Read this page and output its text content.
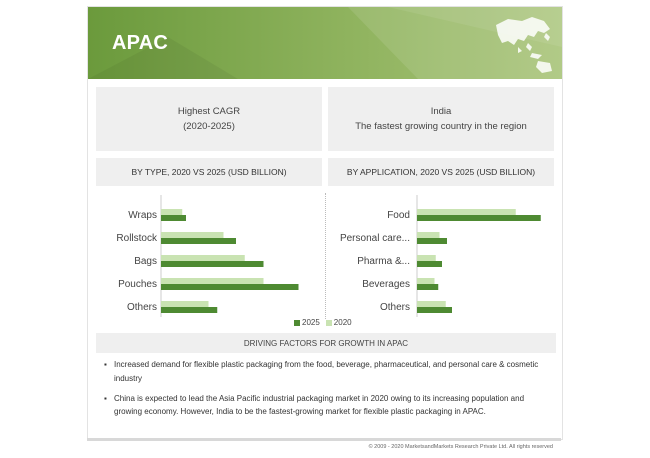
APAC
Highest CAGR
(2020-2025)
India
The fastest growing country in the region
BY TYPE, 2020 VS 2025 (USD BILLION)	BY APPLICATION, 2020 VS 2025 (USD BILLION)
Wraps
Rollstock
Bags
Pouches
Others
Food
Personal care...
Pharma &...
Beverages
Others
2025	2020
DRIVING FACTORS FOR GROWTH IN APAC
▪ Increased demand for flexible plastic packaging from the food, beverage, pharmaceutical, and personal care & cosmetic industry
▪ China is expected to lead the Asia Pacific industrial packaging market in 2020 owing to its increasing population and growing economy. However, India to be the fastest-growing market for flexible plastic packaging in APAC.
© 2009 - 2020 MarketsandMarkets Research Private Ltd. All rights reserved
